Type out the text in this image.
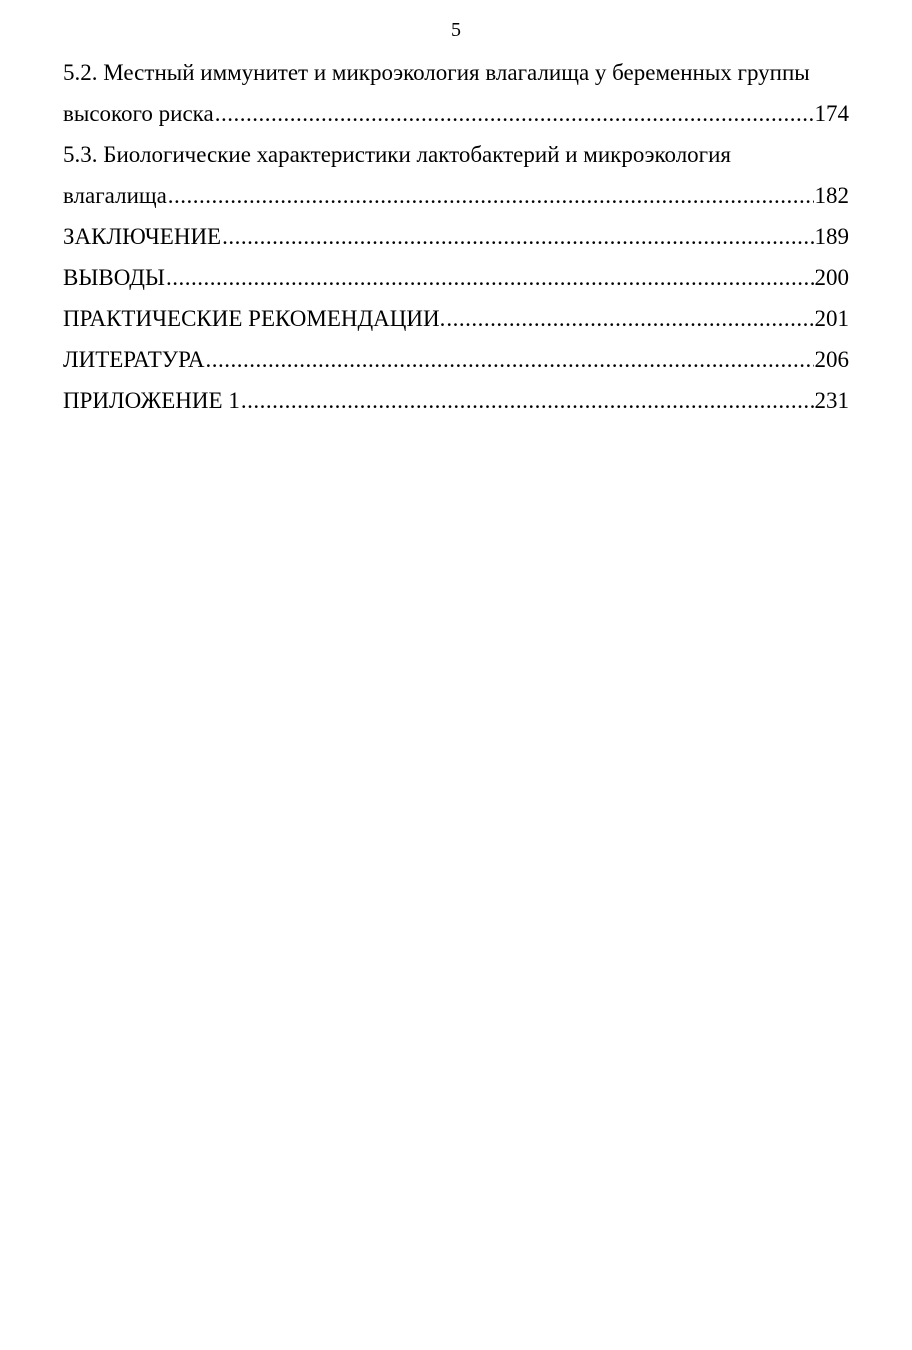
5
5.2. Местный иммунитет и микроэкология влагалища у беременных группы
высокого риска .....	174
5.3. Биологические характеристики лактобактерий и микроэкология
влагалища .....	182
ЗАКЛЮЧЕНИЕ .....	189
ВЫВОДЫ .....	200
ПРАКТИЧЕСКИЕ РЕКОМЕНДАЦИИ. .....	201
ЛИТЕРАТУРА .....	206
ПРИЛОЖЕНИЕ 1 .....	231
